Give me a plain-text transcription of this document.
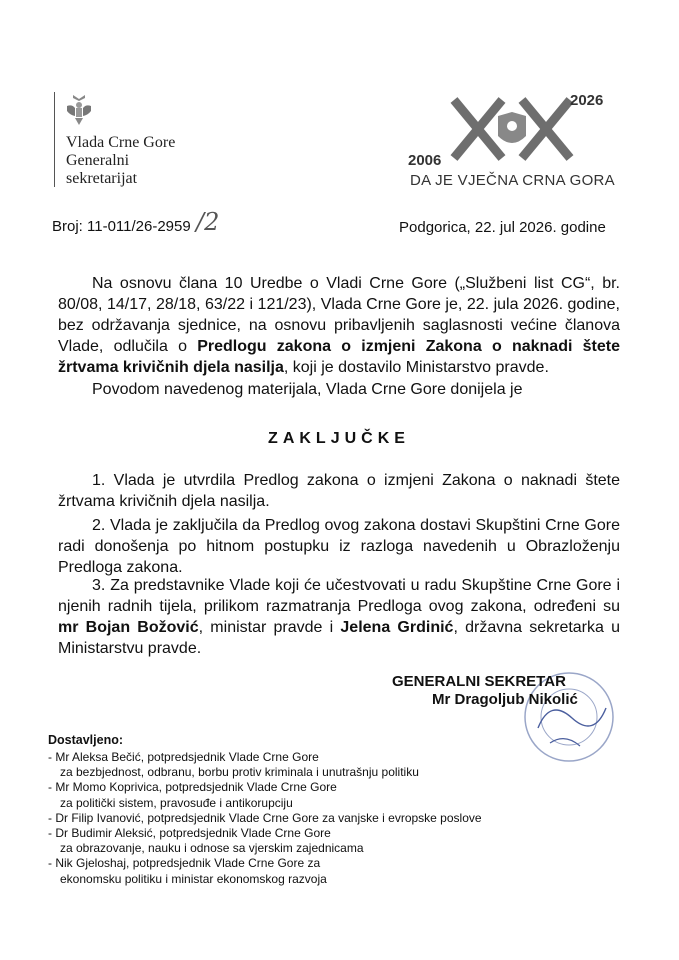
Vlada Crne Gore
Generalni
sekretarijat
2026
2006
DA JE VJEČNA CRNA GORA
Broj: 11-011/26-2959 /2	Podgorica, 22. jul 2026. godine
Na osnovu člana 10 Uredbe o Vladi Crne Gore („Službeni list CG“, br. 80/08, 14/17, 28/18, 63/22 i 121/23), Vlada Crne Gore je, 22. jula 2026. godine, bez održavanja sjednice, na osnovu pribavljenih saglasnosti većine članova Vlade, odlučila o Predlogu zakona o izmjeni Zakona o naknadi štete žrtvama krivičnih djela nasilja, koji je dostavilo Ministarstvo pravde.
Povodom navedenog materijala, Vlada Crne Gore donijela je
ZAKLJUČKE
1. Vlada je utvrdila Predlog zakona o izmjeni Zakona o naknadi štete žrtvama krivičnih djela nasilja.
2. Vlada je zaključila da Predlog ovog zakona dostavi Skupštini Crne Gore radi donošenja po hitnom postupku iz razloga navedenih u Obrazloženju Predloga zakona.
3. Za predstavnike Vlade koji će učestvovati u radu Skupštine Crne Gore i njenih radnih tijela, prilikom razmatranja Predloga ovog zakona, određeni su mr Bojan Božović, ministar pravde i Jelena Grdinić, državna sekretarka u Ministarstvu pravde.
GENERALNI SEKRETAR
Mr Dragoljub Nikolić
Dostavljeno:
- Mr Aleksa Bečić, potpredsjednik Vlade Crne Gore
za bezbjednost, odbranu, borbu protiv kriminala i unutrašnju politiku
- Mr Momo Koprivica, potpredsjednik Vlade Crne Gore
za politički sistem, pravosuđe i antikorupciju
- Dr Filip Ivanović, potpredsjednik Vlade Crne Gore za vanjske i evropske poslove
- Dr Budimir Aleksić, potpredsjednik Vlade Crne Gore
za obrazovanje, nauku i odnose sa vjerskim zajednicama
- Nik Gjeloshaj, potpredsjednik Vlade Crne Gore za
ekonomsku politiku i ministar ekonomskog razvoja
